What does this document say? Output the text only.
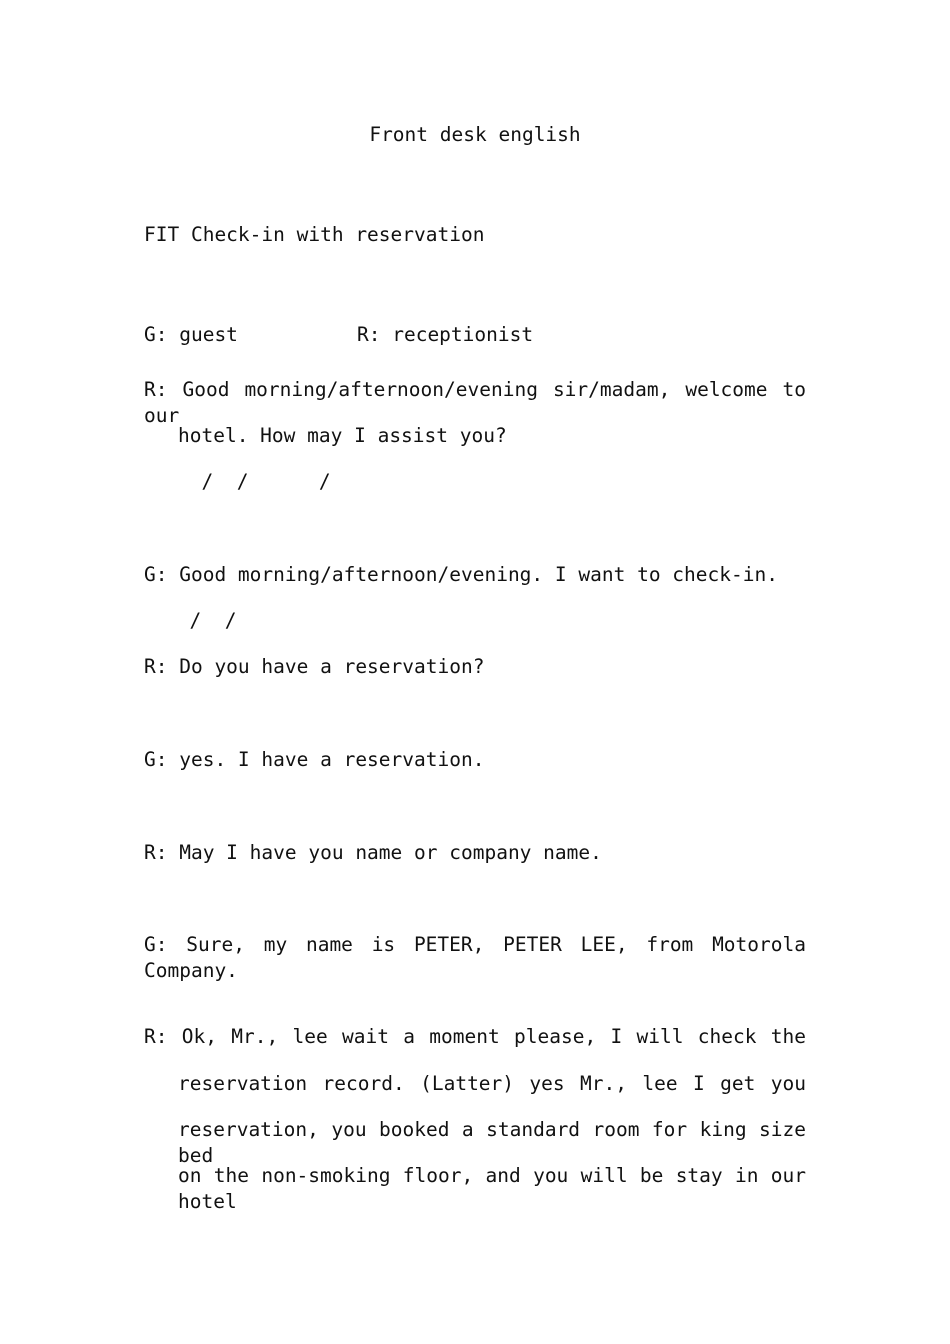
Front desk english
FIT Check-in with reservation
G: guest	R: receptionist
R: Good morning/afternoon/evening sir/madam, welcome to our
hotel. How may I assist you?
/  /      /
G: Good morning/afternoon/evening. I want to check-in.
/  /
R: Do you have a reservation?
G: yes. I have a reservation.
R: May I have you name or company name.
G: Sure, my name is PETER, PETER LEE, from Motorola Company.
R: Ok, Mr., lee wait a moment please, I will check the
reservation record. (Latter) yes Mr., lee I get you
reservation, you booked a standard room for king size bed
on the non-smoking floor, and you will be stay in our hotel
